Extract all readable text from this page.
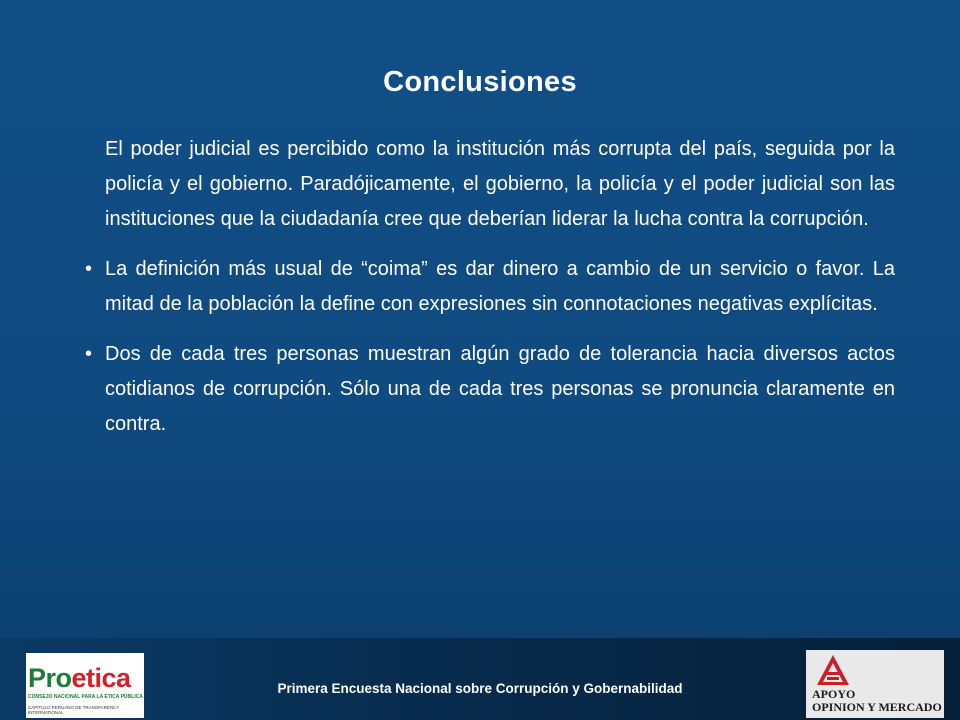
Conclusiones

El poder judicial es percibido como la institución más corrupta del país, seguida por la policía y el gobierno. Paradójicamente, el gobierno, la policía y el poder judicial son las instituciones que la ciudadanía cree que deberían liderar la lucha contra la corrupción.

• La definición más usual de “coima” es dar dinero a cambio de un servicio o favor. La mitad de la población la define con expresiones sin connotaciones negativas explícitas.
• Dos de cada tres personas muestran algún grado de tolerancia hacia diversos actos cotidianos de corrupción. Sólo una de cada tres personas se pronuncia claramente en contra.
Proetica
CONSEJO NACIONAL PARA LA ÉTICA PÚBLICA
CAPÍTULO PERUANO DE TRANSPARENCY INTERNATIONAL
Primera Encuesta Nacional sobre Corrupción y Gobernabilidad	APOYO
OPINION Y MERCADO
